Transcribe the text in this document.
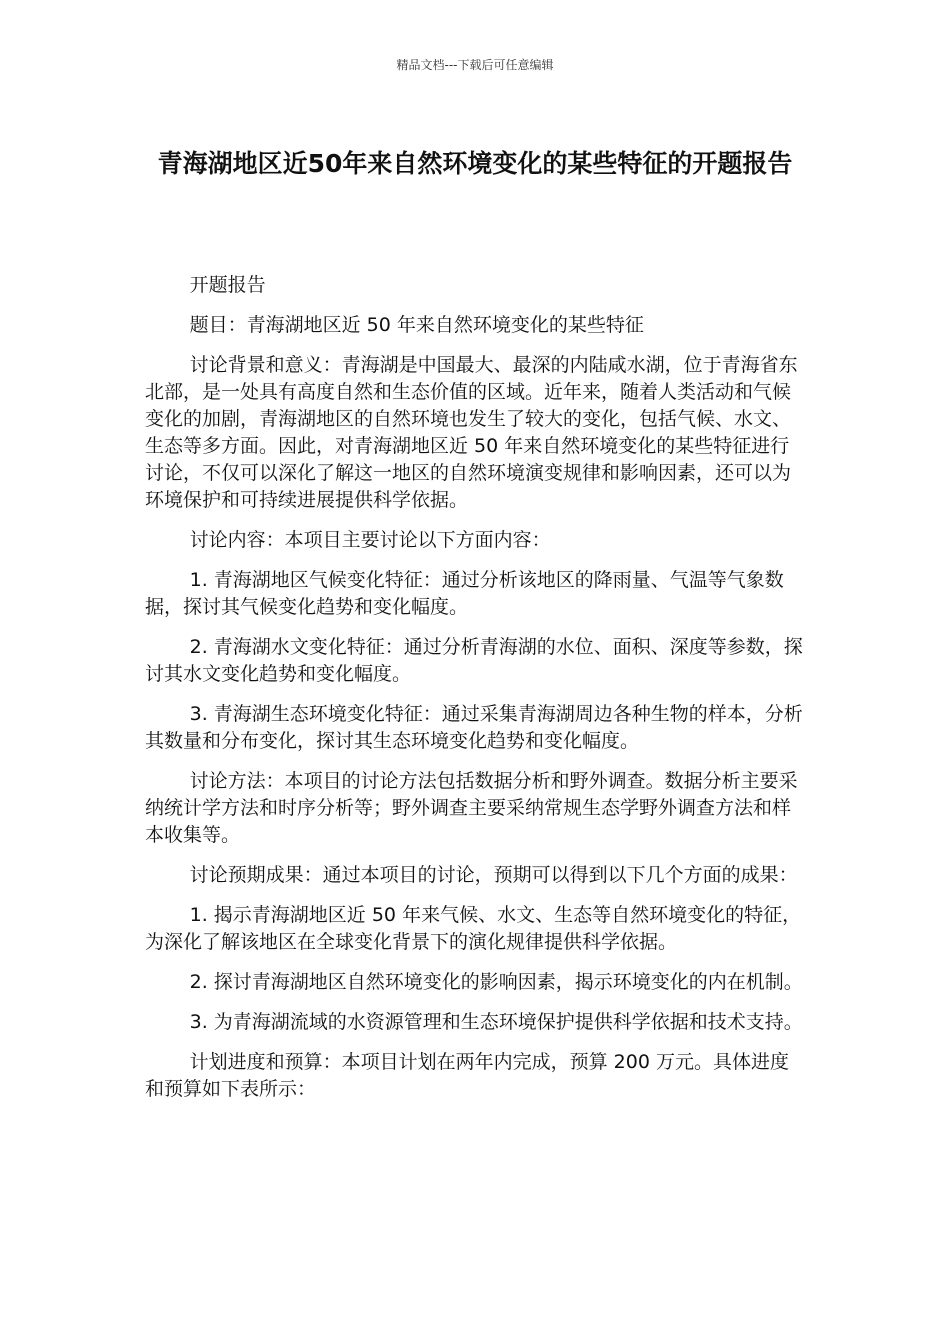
精品文档---下载后可任意编辑
青海湖地区近50年来自然环境变化的某些特征的开题报告

开题报告

题目：青海湖地区近 50 年来自然环境变化的某些特征

讨论背景和意义：青海湖是中国最大、最深的内陆咸水湖，位于青海省东北部，是一处具有高度自然和生态价值的区域。近年来，随着人类活动和气候变化的加剧，青海湖地区的自然环境也发生了较大的变化，包括气候、水文、生态等多方面。因此，对青海湖地区近 50 年来自然环境变化的某些特征进行讨论，不仅可以深化了解这一地区的自然环境演变规律和影响因素，还可以为环境保护和可持续进展提供科学依据。

讨论内容：本项目主要讨论以下方面内容：

1. 青海湖地区气候变化特征：通过分析该地区的降雨量、气温等气象数据，探讨其气候变化趋势和变化幅度。

2. 青海湖水文变化特征：通过分析青海湖的水位、面积、深度等参数，探讨其水文变化趋势和变化幅度。

3. 青海湖生态环境变化特征：通过采集青海湖周边各种生物的样本，分析其数量和分布变化，探讨其生态环境变化趋势和变化幅度。

讨论方法：本项目的讨论方法包括数据分析和野外调查。数据分析主要采纳统计学方法和时序分析等；野外调查主要采纳常规生态学野外调查方法和样本收集等。

讨论预期成果：通过本项目的讨论，预期可以得到以下几个方面的成果：

1. 揭示青海湖地区近 50 年来气候、水文、生态等自然环境变化的特征，为深化了解该地区在全球变化背景下的演化规律提供科学依据。

2. 探讨青海湖地区自然环境变化的影响因素，揭示环境变化的内在机制。

3. 为青海湖流域的水资源管理和生态环境保护提供科学依据和技术支持。

计划进度和预算：本项目计划在两年内完成，预算 200 万元。具体进度和预算如下表所示：
